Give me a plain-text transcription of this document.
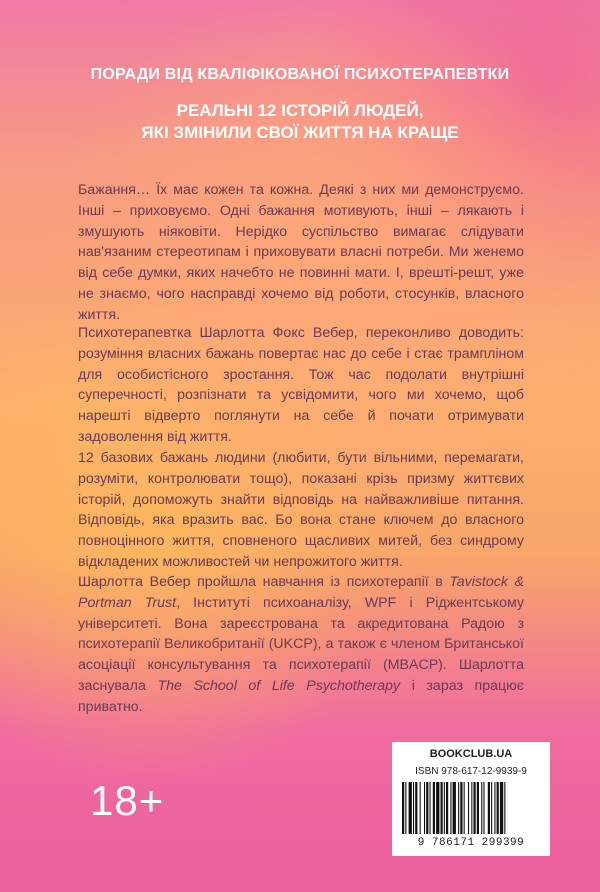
ПОРАДИ ВІД КВАЛІФІКОВАНОЇ ПСИХОТЕРАПЕВТКИ
РЕАЛЬНІ 12 ІСТОРІЙ ЛЮДЕЙ,
ЯКІ ЗМІНИЛИ СВОЇ ЖИТТЯ НА КРАЩЕ
Бажання… Їх має кожен та кожна. Деякі з них ми демонструємо. Інші – приховуємо. Одні бажання мотивують, інші – лякають і змушують ніяковіти. Нерідко суспільство вимагає слідувати нав'язаним стереотипам і приховувати власні потреби. Ми женемо від себе думки, яких начебто не повинні мати. І, врешті-решт, уже не знаємо, чого насправді хочемо від роботи, стосунків, власного життя.
Психотерапевтка Шарлотта Фокс Вебер, переконливо доводить: розуміння власних бажань повертає нас до себе і стає трампліном для особистісного зростання. Тож час подолати внутрішні суперечності, розпізнати та усвідомити, чого ми хочемо, щоб нарешті відверто поглянути на себе й почати отримувати задоволення від життя.
12 базових бажань людини (любити, бути вільними, перемагати, розуміти, контролювати тощо), показані крізь призму життєвих історій, допоможуть знайти відповідь на найважливіше питання. Відповідь, яка вразить вас. Бо вона стане ключем до власного повноцінного життя, сповненого щасливих митей, без синдрому відкладених можливостей чи непрожитого життя.
Шарлотта Вебер пройшла навчання із психотерапії в Tavistock & Portman Trust, Інституті психоаналізу, WPF і Ріджентському університеті. Вона зареєстрована та акредитована Радою з психотерапії Великобританії (UKCP), а також є членом Британської асоціації консультування та психотерапії (MBACP). Шарлотта заснувала The School of Life Psychotherapy і зараз працює приватно.
18+
BOOKCLUB.UA
ISBN 978-617-12-9939-9
9 786171 299399
